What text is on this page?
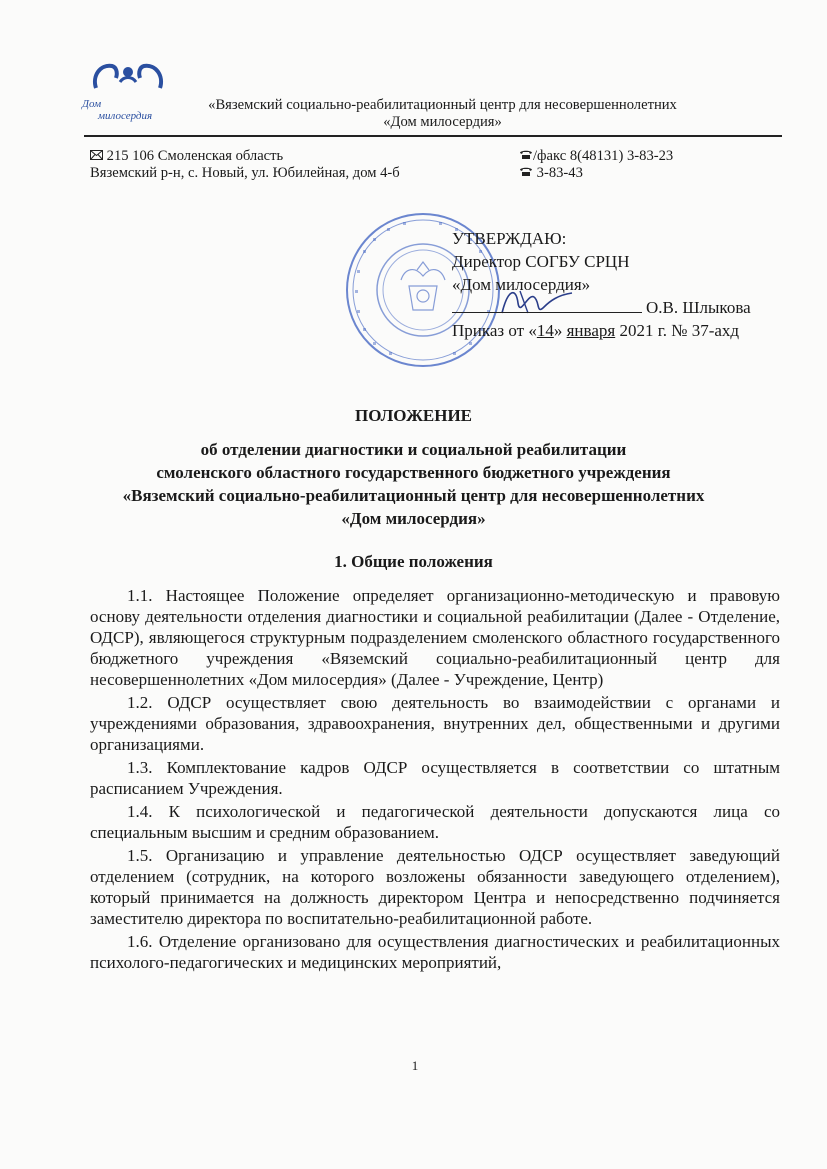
Дом
милосердия
«Вяземский социально-реабилитационный центр для несовершеннолетних
«Дом милосердия»
215 106 Смоленская область
Вяземский р-н, с. Новый, ул. Юбилейная, дом 4-б
/факс 8(48131) 3-83-23
3-83-43
УТВЕРЖДАЮ:
Директор СОГБУ СРЦН
«Дом милосердия»
О.В. Шлыкова
Приказ от «14» января 2021 г. № 37-ахд
ПОЛОЖЕНИЕ
об отделении диагностики и социальной реабилитации
смоленского областного государственного бюджетного учреждения
«Вяземский социально-реабилитационный центр для несовершеннолетних
«Дом милосердия»
1. Общие положения

1.1. Настоящее Положение определяет организационно-методическую и правовую основу деятельности отделения диагностики и социальной реабилитации (Далее - Отделение, ОДСР), являющегося структурным подразделением смоленского областного государственного бюджетного учреждения «Вяземский социально-реабилитационный центр для несовершеннолетних «Дом милосердия» (Далее - Учреждение, Центр)

1.2. ОДСР осуществляет свою деятельность во взаимодействии с органами и учреждениями образования, здравоохранения, внутренних дел, общественными и другими организациями.

1.3. Комплектование кадров ОДСР осуществляется в соответствии со штатным расписанием Учреждения.

1.4. К психологической и педагогической деятельности допускаются лица со специальным высшим и средним образованием.

1.5. Организацию и управление деятельностью ОДСР осуществляет заведующий отделением (сотрудник, на которого возложены обязанности заведующего отделением), который принимается на должность директором Центра и непосредственно подчиняется заместителю директора по воспитательно-реабилитационной работе.

1.6. Отделение организовано для осуществления диагностических и реабилитационных психолого-педагогических и медицинских мероприятий,

1
